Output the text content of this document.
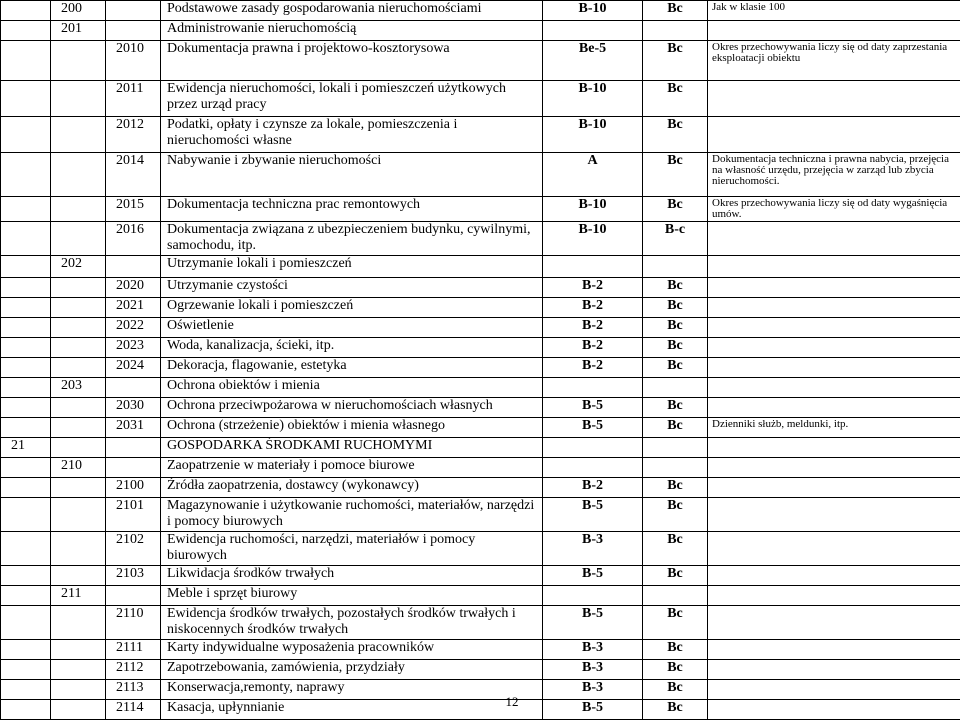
	200		Podstawowe zasady gospodarowania nieruchomościami	B-10	Bc	Jak w klasie 100
	201		Administrowanie nieruchomością			
		2010	Dokumentacja prawna i projektowo-kosztorysowa	Be-5	Bc	Okres przechowywania liczy się od daty zaprzestania eksploatacji obiektu
		2011	Ewidencja nieruchomości, lokali i pomieszczeń użytkowych przez urząd pracy	B-10	Bc	
		2012	Podatki, opłaty i czynsze za lokale, pomieszczenia i nieruchomości własne	B-10	Bc	
		2014	Nabywanie i zbywanie nieruchomości	A	Bc	Dokumentacja techniczna i prawna nabycia, przejęcia na własność urzędu, przejęcia w zarząd lub zbycia nieruchomości.
		2015	Dokumentacja techniczna prac remontowych	B-10	Bc	Okres przechowywania liczy się od daty wygaśnięcia umów.
		2016	Dokumentacja związana z ubezpieczeniem budynku, cywilnymi, samochodu, itp.	B-10	B-c	
	202		Utrzymanie lokali i pomieszczeń			
		2020	Utrzymanie czystości	B-2	Bc	
		2021	Ogrzewanie lokali i pomieszczeń	B-2	Bc	
		2022	Oświetlenie	B-2	Bc	
		2023	Woda, kanalizacja, ścieki, itp.	B-2	Bc	
		2024	Dekoracja, flagowanie, estetyka	B-2	Bc	
	203		Ochrona obiektów i mienia			
		2030	Ochrona przeciwpożarowa w nieruchomościach własnych	B-5	Bc	
		2031	Ochrona (strzeżenie) obiektów i mienia własnego	B-5	Bc	Dzienniki służb, meldunki, itp.
21			GOSPODARKA ŚRODKAMI RUCHOMYMI			
	210		Zaopatrzenie w materiały i pomoce biurowe			
		2100	Źródła zaopatrzenia, dostawcy (wykonawcy)	B-2	Bc	
		2101	Magazynowanie i użytkowanie ruchomości, materiałów, narzędzi i pomocy biurowych	B-5	Bc	
		2102	Ewidencja ruchomości, narzędzi, materiałów i pomocy biurowych	B-3	Bc	
		2103	Likwidacja środków trwałych	B-5	Bc	
	211		Meble i sprzęt biurowy			
		2110	Ewidencja środków trwałych, pozostałych środków trwałych i niskocennych środków trwałych	B-5	Bc	
		2111	Karty indywidualne wyposażenia pracowników	B-3	Bc	
		2112	Zapotrzebowania, zamówienia, przydziały	B-3	Bc	
		2113	Konserwacja,remonty, naprawy	B-3	Bc	
		2114	Kasacja, upłynnianie	B-5	Bc	
12
